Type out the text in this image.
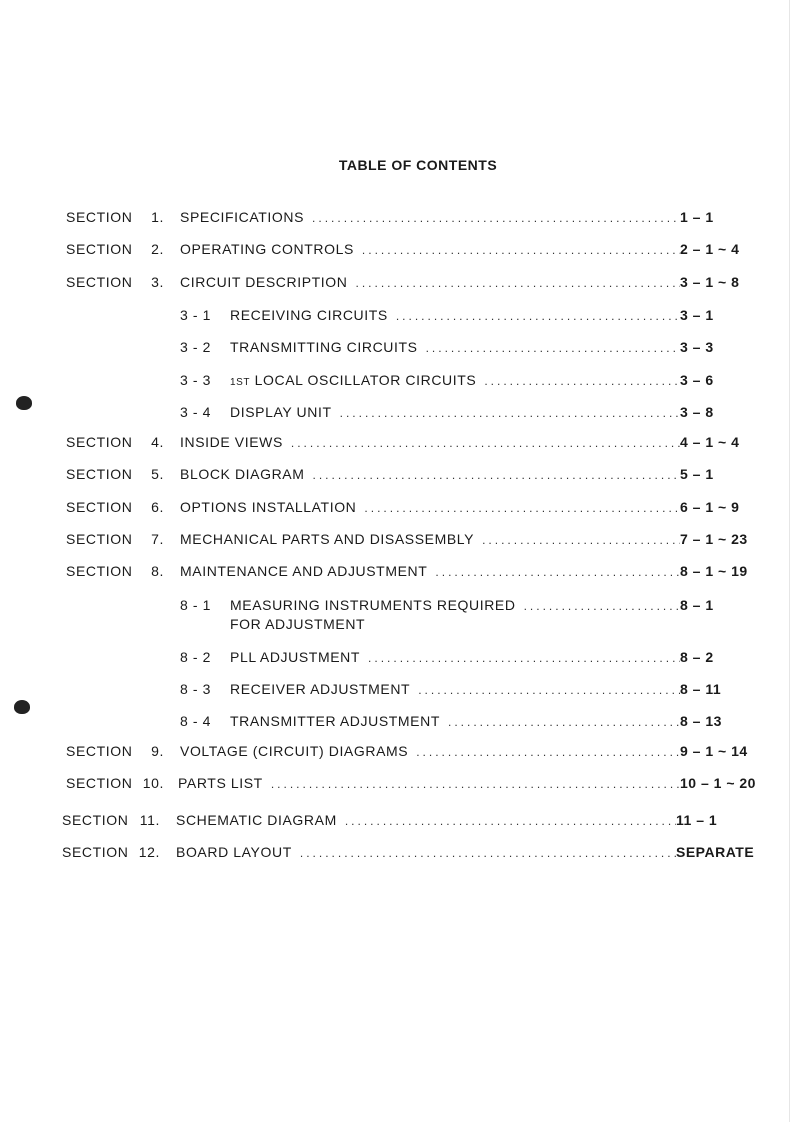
TABLE OF CONTENTS
SECTION	1. SPECIFICATIONS .....	1 – 1
SECTION	2. OPERATING CONTROLS .....	2 – 1 ~ 4
SECTION	3. CIRCUIT DESCRIPTION .....	3 – 1 ~ 8
3 - 1	RECEIVING CIRCUITS .....	3 – 1
3 - 2	TRANSMITTING CIRCUITS .....	3 – 3
3 - 3	1ST LOCAL OSCILLATOR CIRCUITS .....	3 – 6
3 - 4	DISPLAY UNIT .....	3 – 8
SECTION	4. INSIDE VIEWS .....	4 – 1 ~ 4
SECTION	5. BLOCK DIAGRAM .....	5 – 1
SECTION	6. OPTIONS INSTALLATION .....	6 – 1 ~ 9
SECTION	7. MECHANICAL PARTS AND DISASSEMBLY .....	7 – 1 ~ 23
SECTION	8. MAINTENANCE AND ADJUSTMENT .....	8 – 1 ~ 19
8 - 1	MEASURING INSTRUMENTS REQUIRED .....	8 – 1
FOR ADJUSTMENT
8 - 2	PLL ADJUSTMENT .....	8 – 2
8 - 3	RECEIVER ADJUSTMENT .....	8 – 11
8 - 4	TRANSMITTER ADJUSTMENT .....	8 – 13
SECTION	9. VOLTAGE (CIRCUIT) DIAGRAMS .....	9 – 1 ~ 14
SECTION 10. PARTS LIST .....	10 – 1 ~ 20
SECTION 11. SCHEMATIC DIAGRAM .....	11 – 1
SECTION 12. BOARD LAYOUT .....	SEPARATE
